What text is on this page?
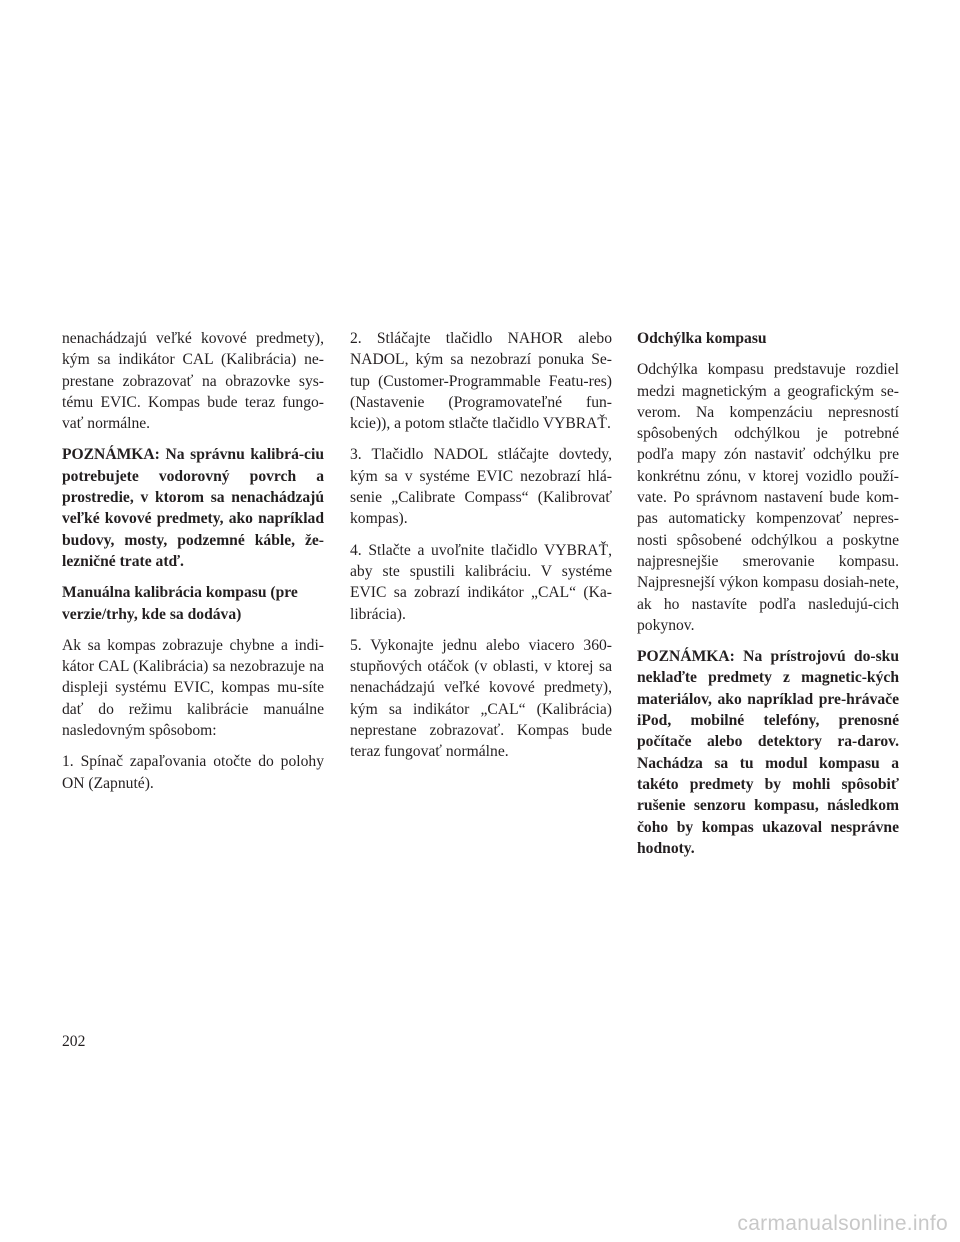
nenachádzajú veľké kovové predmety), kým sa indikátor CAL (Kalibrácia) ne-prestane zobrazovať na obrazovke sys-tému EVIC. Kompas bude teraz fungo-vať normálne.

POZNÁMKA: Na správnu kalibrá-ciu potrebujete vodorovný povrch a prostredie, v ktorom sa nenachádzajú veľké kovové predmety, ako napríklad budovy, mosty, podzemné káble, že-lezničné trate atď.

Manuálna kalibrácia kompasu (pre verzie/trhy, kde sa dodáva)

Ak sa kompas zobrazuje chybne a indi-kátor CAL (Kalibrácia) sa nezobrazuje na displeji systému EVIC, kompas mu-síte dať do režimu kalibrácie manuálne nasledovným spôsobom:

1. Spínač zapaľovania otočte do polohy ON (Zapnuté).

2. Stláčajte tlačidlo NAHOR alebo NADOL, kým sa nezobrazí ponuka Se-tup (Customer-Programmable Featu-res) (Nastavenie (Programovateľné fun-kcie)), a potom stlačte tlačidlo VYBRAŤ.

3. Tlačidlo NADOL stláčajte dovtedy, kým sa v systéme EVIC nezobrazí hlá-senie „Calibrate Compass“ (Kalibrovať kompas).

4. Stlačte a uvoľnite tlačidlo VYBRAŤ, aby ste spustili kalibráciu. V systéme EVIC sa zobrazí indikátor „CAL“ (Ka-librácia).

5. Vykonajte jednu alebo viacero 360-stupňových otáčok (v oblasti, v ktorej sa nenachádzajú veľké kovové predmety), kým sa indikátor „CAL“ (Kalibrácia) neprestane zobrazovať. Kompas bude teraz fungovať normálne.

Odchýlka kompasu

Odchýlka kompasu predstavuje rozdiel medzi magnetickým a geografickým se-verom. Na kompenzáciu nepresností spôsobených odchýlkou je potrebné podľa mapy zón nastaviť odchýlku pre konkrétnu zónu, v ktorej vozidlo použí-vate. Po správnom nastavení bude kom-pas automaticky kompenzovať nepres-nosti spôsobené odchýlkou a poskytne najpresnejšie smerovanie kompasu. Najpresnejší výkon kompasu dosiah-nete, ak ho nastavíte podľa nasledujú-cich pokynov.

POZNÁMKA: Na prístrojovú do-sku neklaďte predmety z magnetic-kých materiálov, ako napríklad pre-hrávače iPod, mobilné telefóny, prenosné počítače alebo detektory ra-darov. Nachádza sa tu modul kompasu a takéto predmety by mohli spôsobiť rušenie senzoru kompasu, následkom čoho by kompas ukazoval nesprávne hodnoty.

202
carmanualsonline.info
